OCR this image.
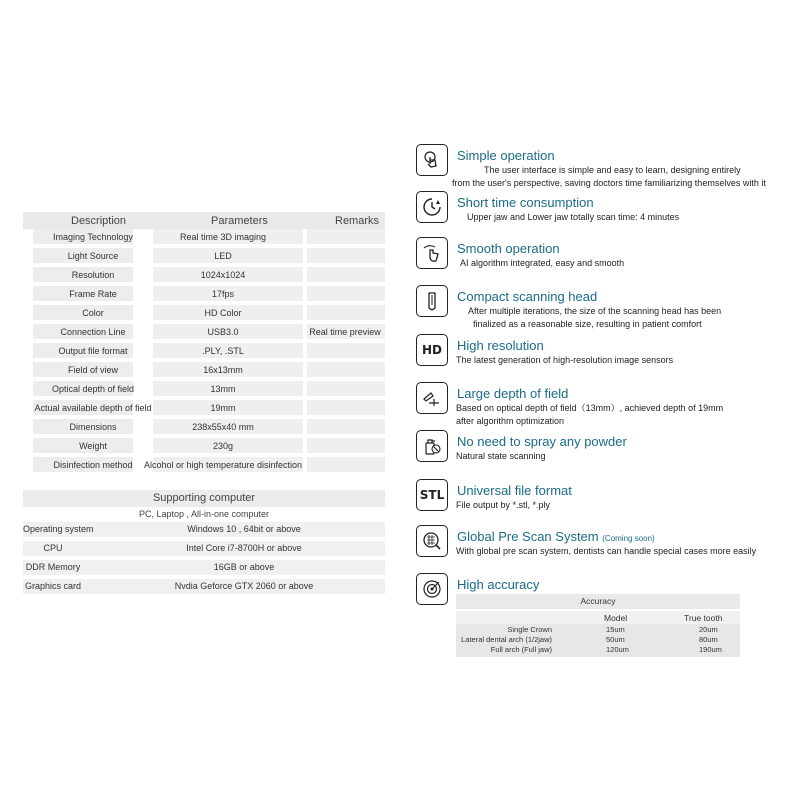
Description	Parameters	Remarks
Imaging Technology	Real time 3D imaging
Light Source	LED
Resolution	1024x1024
Frame Rate	17fps
Color	HD Color
Connection Line	USB3.0	Real time preview
Output file format	.PLY, .STL
Field of view	16x13mm
Optical depth of field	13mm
Actual available depth of field	19mm
Dimensions	238x55x40 mm
Weight	230g
Disinfection method	Alcohol or high temperature disinfection
Supporting computer
PC, Laptop , All-in-one computer
Operating system	Windows 10 , 64bit or above
CPU	Intel Core i7-8700H or above
DDR Memory	16GB or above
Graphics card	Nvdia Geforce GTX 2060 or above
Simple operation
The user interface is simple and easy to learn, designing entirely
from the user's perspective, saving doctors time familiarizing themselves with it
Short time consumption
Upper jaw and Lower jaw totally scan time: 4 minutes
Smooth operation
AI algorithm integrated, easy and smooth
Compact scanning head
After multiple iterations, the size of the scanning head has been
finalized as a reasonable size, resulting in patient comfort
HD	High resolution
The latest generation of high-resolution image sensors
Large depth of field
Based on optical depth of field（13mm）, achieved depth of 19mm
after algorithm optimization
No need to spray any powder
Natural state scanning
STL Universal file format
File output by *.stl, *.ply
Global Pre Scan System (Coming soon)
With global pre scan system, dentists can handle special cases more easily
High accuracy
Accuracy
Model	True tooth
Single Crown	15um	20um
Lateral dental arch (1/2jaw)	50um	80um
Full arch (Full jaw)	120um	190um
